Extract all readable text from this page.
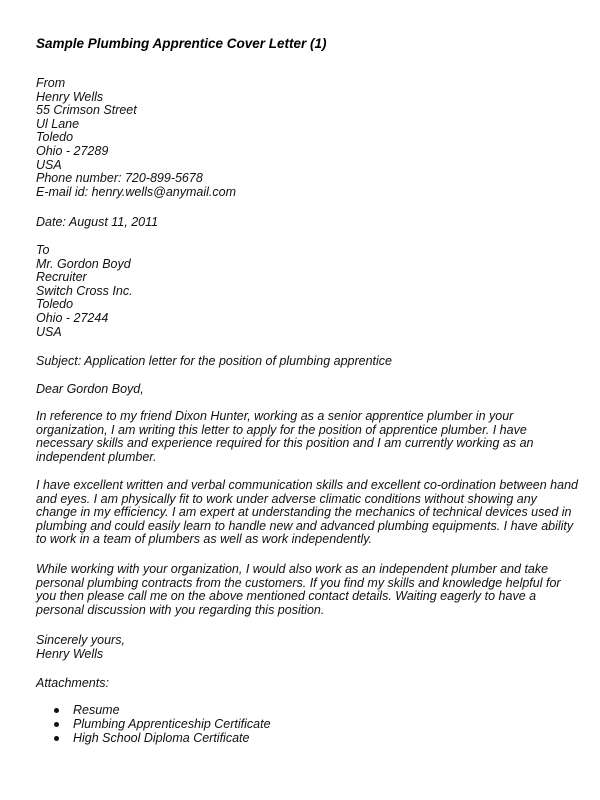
Sample Plumbing Apprentice Cover Letter (1)
From
Henry Wells
55 Crimson Street
Ul Lane
Toledo
Ohio - 27289
USA
Phone number: 720-899-5678
E-mail id: henry.wells@anymail.com
Date: August 11, 2011
To
Mr. Gordon Boyd
Recruiter
Switch Cross Inc.
Toledo
Ohio - 27244
USA
Subject: Application letter for the position of plumbing apprentice
Dear Gordon Boyd,
In reference to my friend Dixon Hunter, working as a senior apprentice plumber in your
organization, I am writing this letter to apply for the position of apprentice plumber. I have
necessary skills and experience required for this position and I am currently working as an
independent plumber.
I have excellent written and verbal communication skills and excellent co-ordination between hand
and eyes. I am physically fit to work under adverse climatic conditions without showing any
change in my efficiency. I am expert at understanding the mechanics of technical devices used in
plumbing and could easily learn to handle new and advanced plumbing equipments. I have ability
to work in a team of plumbers as well as work independently.
While working with your organization, I would also work as an independent plumber and take
personal plumbing contracts from the customers. If you find my skills and knowledge helpful for
you then please call me on the above mentioned contact details. Waiting eagerly to have a
personal discussion with you regarding this position.
Sincerely yours,
Henry Wells
Attachments:
Resume
Plumbing Apprenticeship Certificate
High School Diploma Certificate
